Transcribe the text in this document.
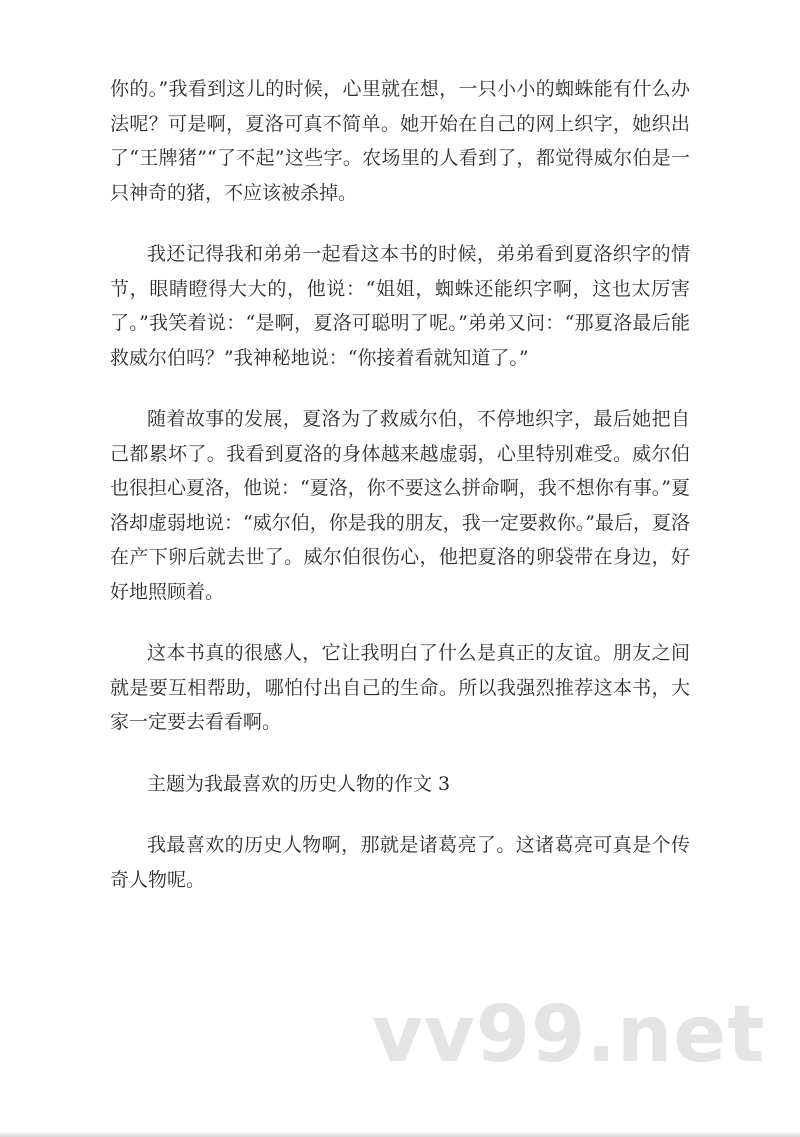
你的。”我看到这儿的时候，心里就在想，一只小小的蜘蛛能有什么办法呢？可是啊，夏洛可真不简单。她开始在自己的网上织字，她织出了“王牌猪”“了不起”这些字。农场里的人看到了，都觉得威尔伯是一只神奇的猪，不应该被杀掉。

我还记得我和弟弟一起看这本书的时候，弟弟看到夏洛织字的情节，眼睛瞪得大大的，他说：“姐姐，蜘蛛还能织字啊，这也太厉害了。”我笑着说：“是啊，夏洛可聪明了呢。”弟弟又问：“那夏洛最后能救威尔伯吗？”我神秘地说：“你接着看就知道了。”

随着故事的发展，夏洛为了救威尔伯，不停地织字，最后她把自己都累坏了。我看到夏洛的身体越来越虚弱，心里特别难受。威尔伯也很担心夏洛，他说：“夏洛，你不要这么拼命啊，我不想你有事。”夏洛却虚弱地说：“威尔伯，你是我的朋友，我一定要救你。”最后，夏洛在产下卵后就去世了。威尔伯很伤心，他把夏洛的卵袋带在身边，好好地照顾着。

这本书真的很感人，它让我明白了什么是真正的友谊。朋友之间就是要互相帮助，哪怕付出自己的生命。所以我强烈推荐这本书，大家一定要去看看啊。

主题为我最喜欢的历史人物的作文 3

我最喜欢的历史人物啊，那就是诸葛亮了。这诸葛亮可真是个传奇人物呢。

vv99.net
